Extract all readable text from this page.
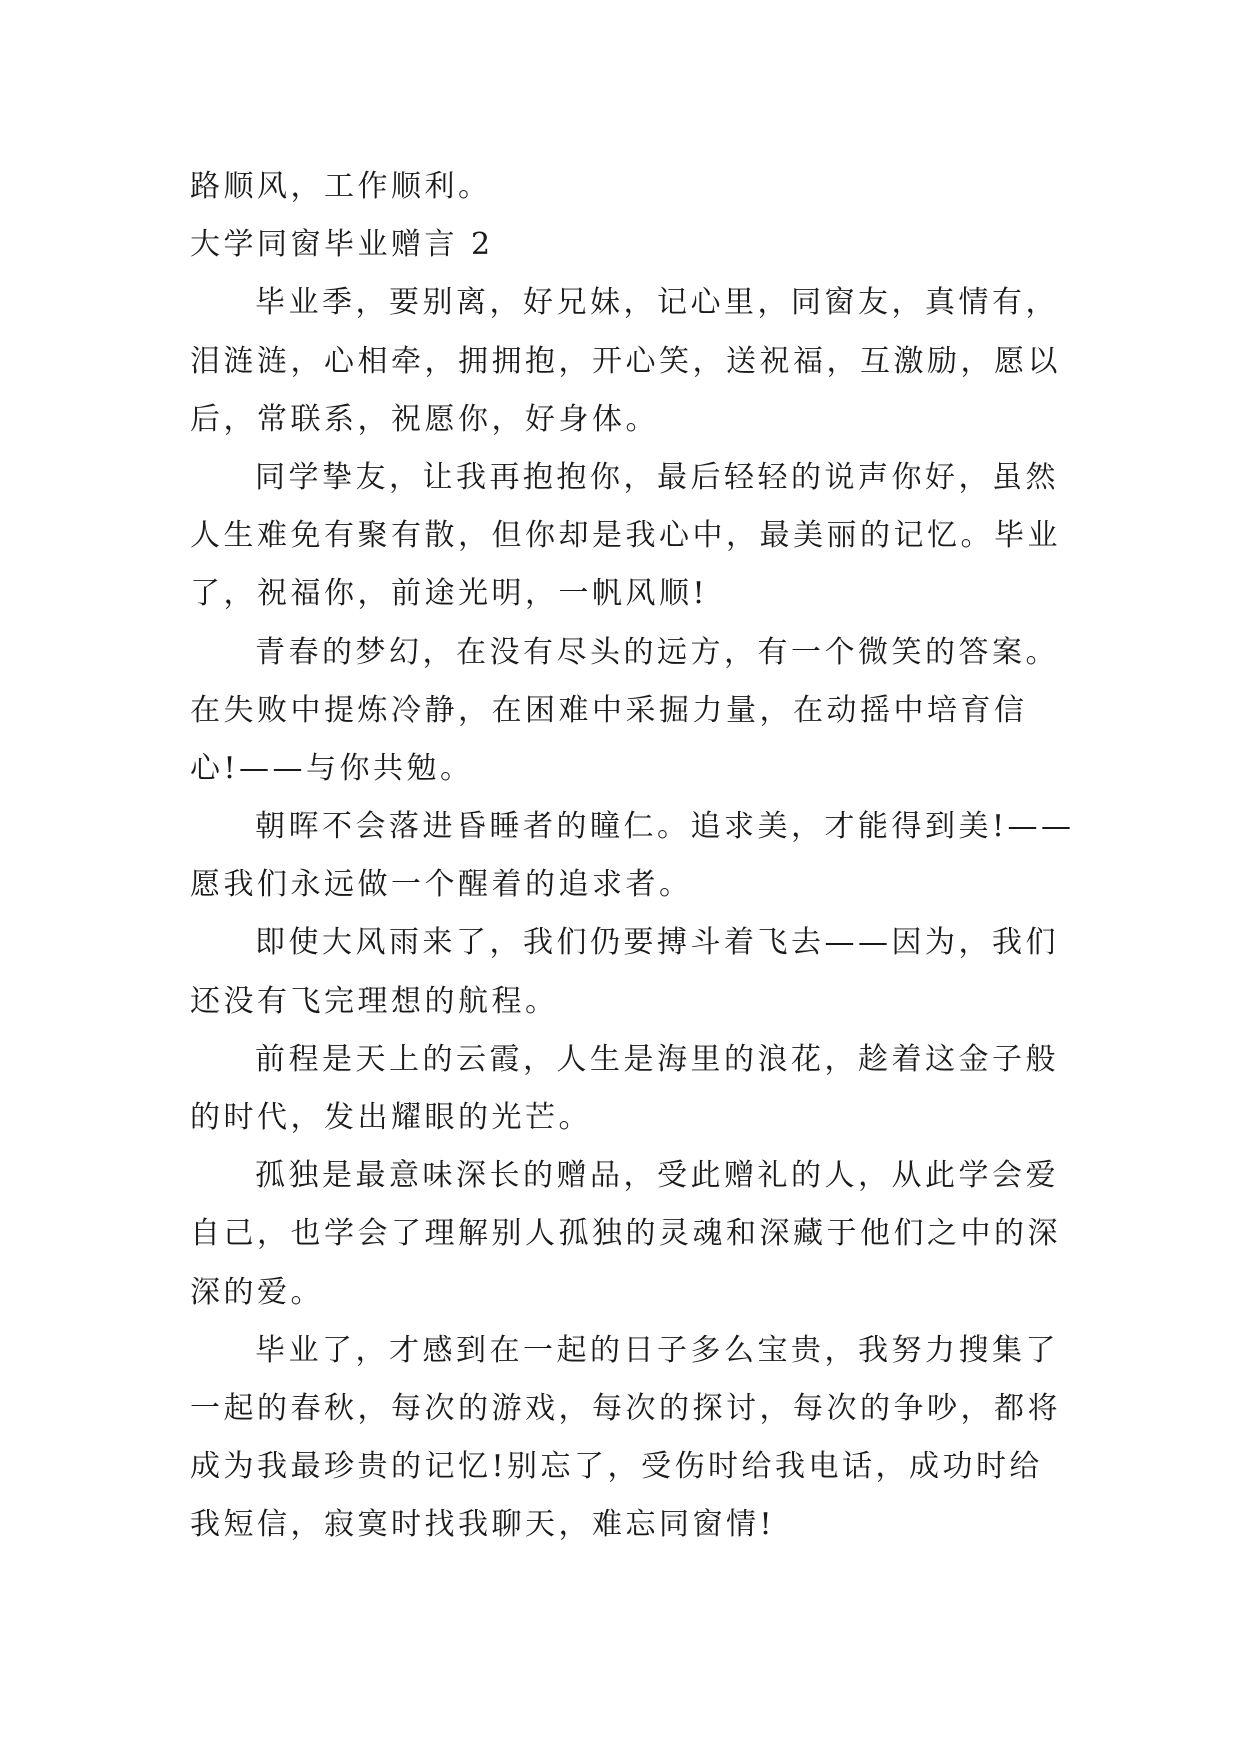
路顺风，工作顺利。
大学同窗毕业赠言 2
毕业季，要别离，好兄妹，记心里，同窗友，真情有，
泪涟涟，心相牵，拥拥抱，开心笑，送祝福，互激励，愿以
后，常联系，祝愿你，好身体。
同学挚友，让我再抱抱你，最后轻轻的说声你好，虽然
人生难免有聚有散，但你却是我心中，最美丽的记忆。毕业
了，祝福你，前途光明，一帆风顺!
青春的梦幻，在没有尽头的远方，有一个微笑的答案。
在失败中提炼冷静，在困难中采掘力量，在动摇中培育信
心!——与你共勉。
朝晖不会落进昏睡者的瞳仁。追求美，才能得到美!——
愿我们永远做一个醒着的追求者。
即使大风雨来了，我们仍要搏斗着飞去——因为，我们
还没有飞完理想的航程。
前程是天上的云霞，人生是海里的浪花，趁着这金子般
的时代，发出耀眼的光芒。
孤独是最意味深长的赠品，受此赠礼的人，从此学会爱
自己，也学会了理解别人孤独的灵魂和深藏于他们之中的深
深的爱。
毕业了，才感到在一起的日子多么宝贵，我努力搜集了
一起的春秋，每次的游戏，每次的探讨，每次的争吵，都将
成为我最珍贵的记忆!别忘了，受伤时给我电话，成功时给
我短信，寂寞时找我聊天，难忘同窗情!
